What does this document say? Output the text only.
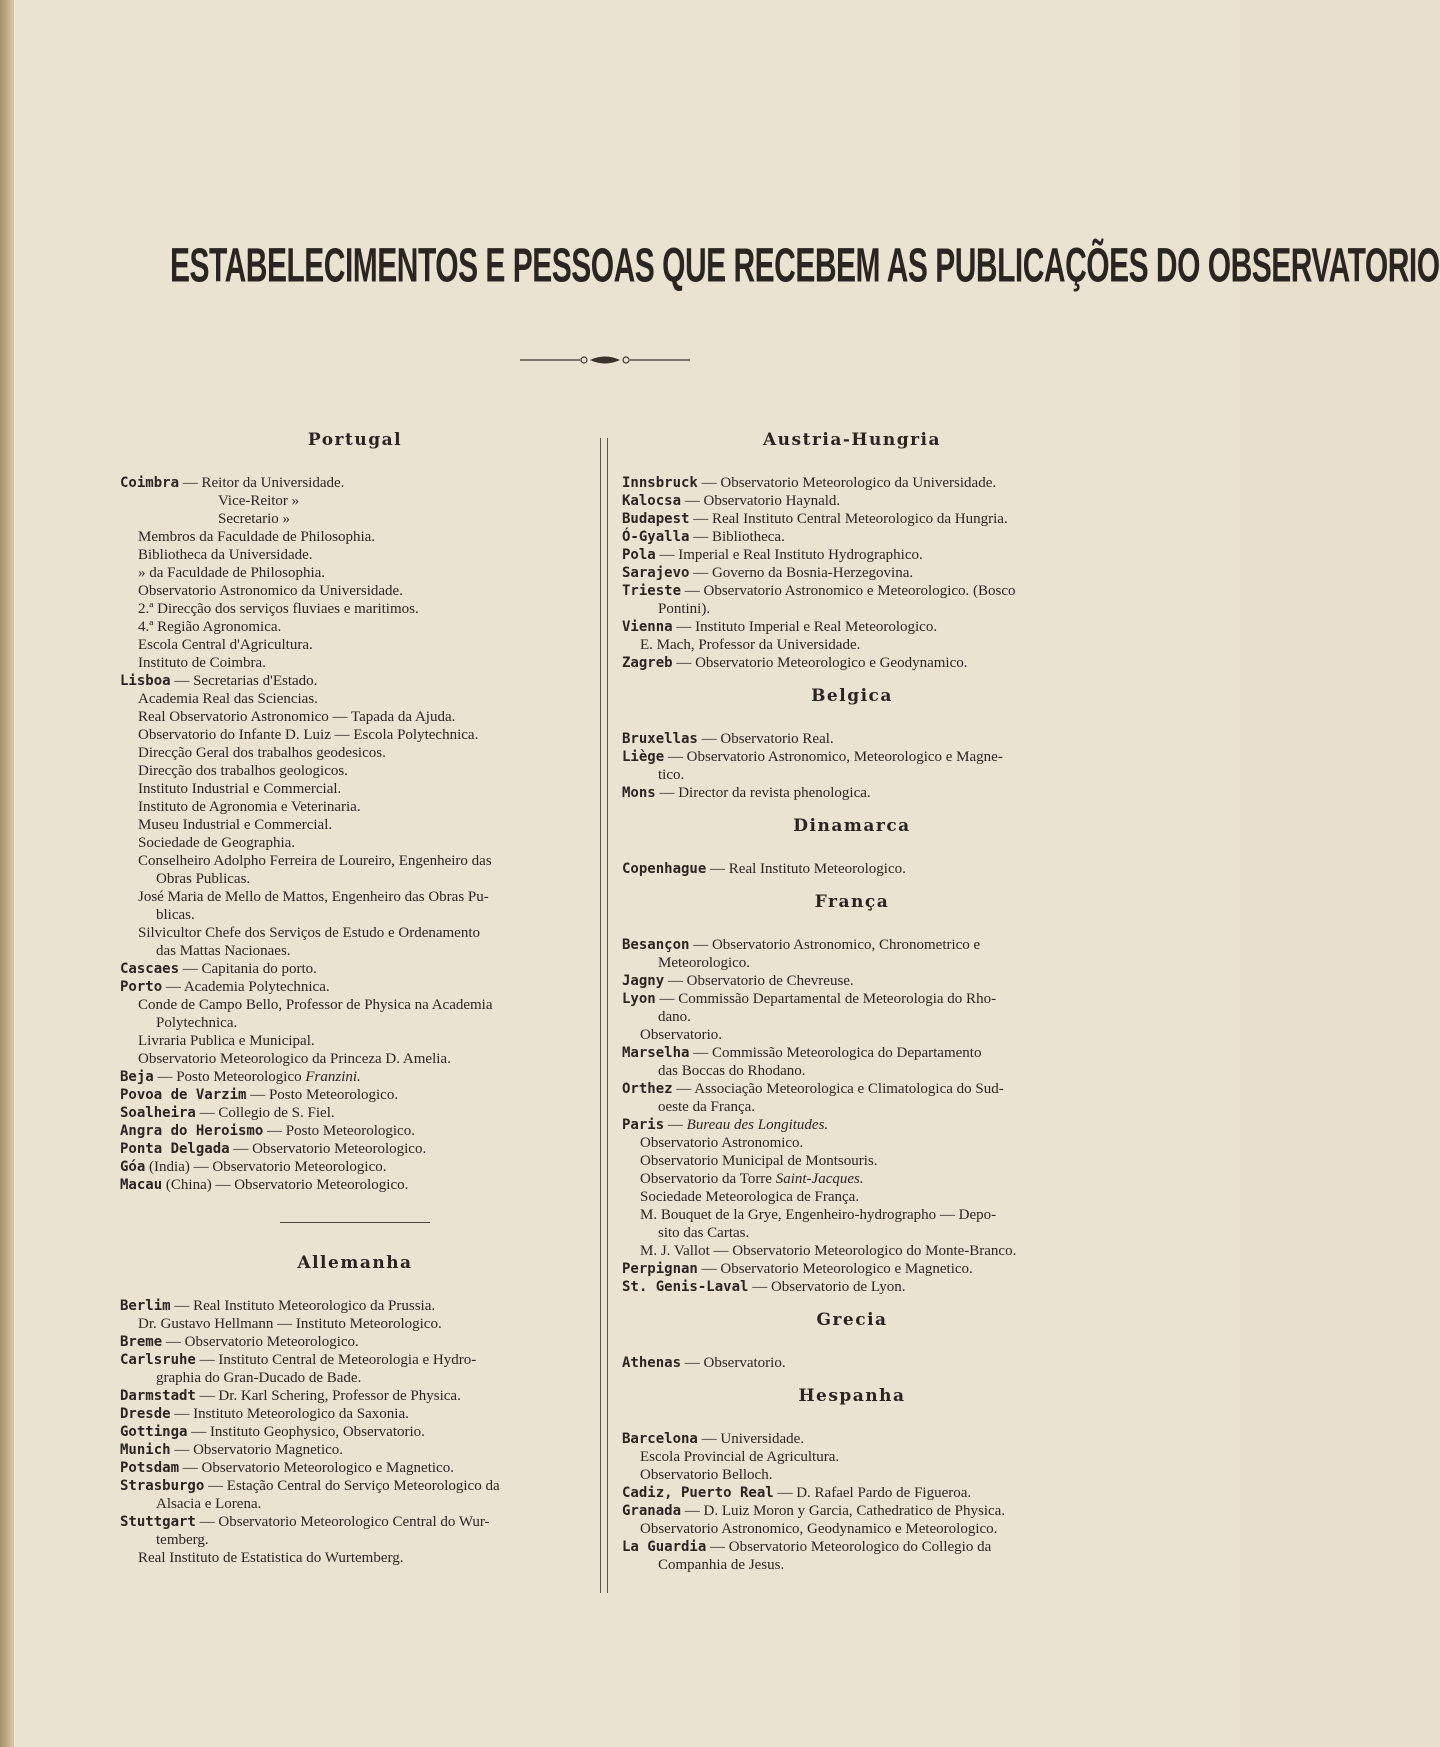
ESTABELECIMENTOS E PESSOAS QUE RECEBEM AS PUBLICAÇÕES DO OBSERVATORIO
Portugal
Coimbra — Reitor da Universidade.
Vice-Reitor »
Secretario »
Membros da Faculdade de Philosophia.
Bibliotheca da Universidade.
» da Faculdade de Philosophia.
Observatorio Astronomico da Universidade.
2.ª Direcção dos serviços fluviaes e maritimos.
4.ª Região Agronomica.
Escola Central d'Agricultura.
Instituto de Coimbra.
Lisboa — Secretarias d'Estado.
Academia Real das Sciencias.
Real Observatorio Astronomico — Tapada da Ajuda.
Observatorio do Infante D. Luiz — Escola Polytechnica.
Direcção Geral dos trabalhos geodesicos.
Direcção dos trabalhos geologicos.
Instituto Industrial e Commercial.
Instituto de Agronomia e Veterinaria.
Museu Industrial e Commercial.
Sociedade de Geographia.
Conselheiro Adolpho Ferreira de Loureiro, Engenheiro das
Obras Publicas.
José Maria de Mello de Mattos, Engenheiro das Obras Pu-
blicas.
Silvicultor Chefe dos Serviços de Estudo e Ordenamento
das Mattas Nacionaes.
Cascaes — Capitania do porto.
Porto — Academia Polytechnica.
Conde de Campo Bello, Professor de Physica na Academia
Polytechnica.
Livraria Publica e Municipal.
Observatorio Meteorologico da Princeza D. Amelia.
Beja — Posto Meteorologico Franzini.
Povoa de Varzim — Posto Meteorologico.
Soalheira — Collegio de S. Fiel.
Angra do Heroismo — Posto Meteorologico.
Ponta Delgada — Observatorio Meteorologico.
Góa (India) — Observatorio Meteorologico.
Macau (China) — Observatorio Meteorologico.
Allemanha
Berlim — Real Instituto Meteorologico da Prussia.
Dr. Gustavo Hellmann — Instituto Meteorologico.
Breme — Observatorio Meteorologico.
Carlsruhe — Instituto Central de Meteorologia e Hydro-
graphia do Gran-Ducado de Bade.
Darmstadt — Dr. Karl Schering, Professor de Physica.
Dresde — Instituto Meteorologico da Saxonia.
Gottinga — Instituto Geophysico, Observatorio.
Munich — Observatorio Magnetico.
Potsdam — Observatorio Meteorologico e Magnetico.
Strasburgo — Estação Central do Serviço Meteorologico da
Alsacia e Lorena.
Stuttgart — Observatorio Meteorologico Central do Wur-
temberg.
Real Instituto de Estatistica do Wurtemberg.
Austria-Hungria
Innsbruck — Observatorio Meteorologico da Universidade.
Kalocsa — Observatorio Haynald.
Budapest — Real Instituto Central Meteorologico da Hungria.
Ó-Gyalla — Bibliotheca.
Pola — Imperial e Real Instituto Hydrographico.
Sarajevo — Governo da Bosnia-Herzegovina.
Trieste — Observatorio Astronomico e Meteorologico. (Bosco
Pontini).
Vienna — Instituto Imperial e Real Meteorologico.
E. Mach, Professor da Universidade.
Zagreb — Observatorio Meteorologico e Geodynamico.
Belgica
Bruxellas — Observatorio Real.
Liège — Observatorio Astronomico, Meteorologico e Magne-
tico.
Mons — Director da revista phenologica.
Dinamarca
Copenhague — Real Instituto Meteorologico.
França
Besançon — Observatorio Astronomico, Chronometrico e
Meteorologico.
Jagny — Observatorio de Chevreuse.
Lyon — Commissão Departamental de Meteorologia do Rho-
dano.
Observatorio.
Marselha — Commissão Meteorologica do Departamento
das Boccas do Rhodano.
Orthez — Associação Meteorologica e Climatologica do Sud-
oeste da França.
Paris — Bureau des Longitudes.
Observatorio Astronomico.
Observatorio Municipal de Montsouris.
Observatorio da Torre Saint-Jacques.
Sociedade Meteorologica de França.
M. Bouquet de la Grye, Engenheiro-hydrographo — Depo-
sito das Cartas.
M. J. Vallot — Observatorio Meteorologico do Monte-Branco.
Perpignan — Observatorio Meteorologico e Magnetico.
St. Genis-Laval — Observatorio de Lyon.
Grecia
Athenas — Observatorio.
Hespanha
Barcelona — Universidade.
Escola Provincial de Agricultura.
Observatorio Belloch.
Cadiz, Puerto Real — D. Rafael Pardo de Figueroa.
Granada — D. Luiz Moron y Garcia, Cathedratico de Physica.
Observatorio Astronomico, Geodynamico e Meteorologico.
La Guardia — Observatorio Meteorologico do Collegio da
Companhia de Jesus.
